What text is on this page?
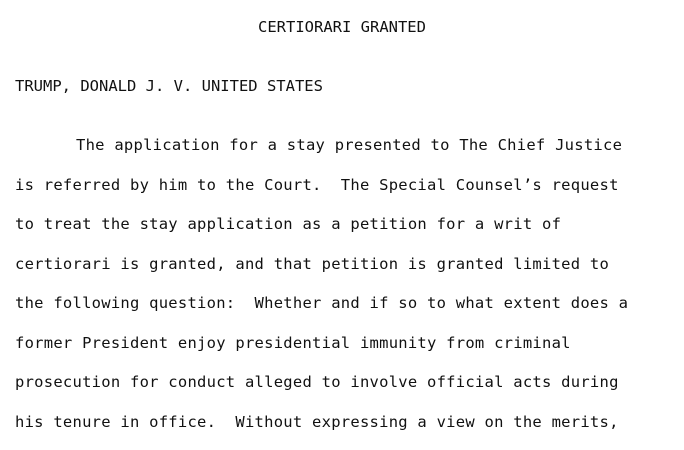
CERTIORARI GRANTED
TRUMP, DONALD J. V. UNITED STATES
The application for a stay presented to The Chief Justice
is referred by him to the Court.  The Special Counsel’s request
to treat the stay application as a petition for a writ of
certiorari is granted, and that petition is granted limited to
the following question:  Whether and if so to what extent does a
former President enjoy presidential immunity from criminal
prosecution for conduct alleged to involve official acts during
his tenure in office.  Without expressing a view on the merits,
